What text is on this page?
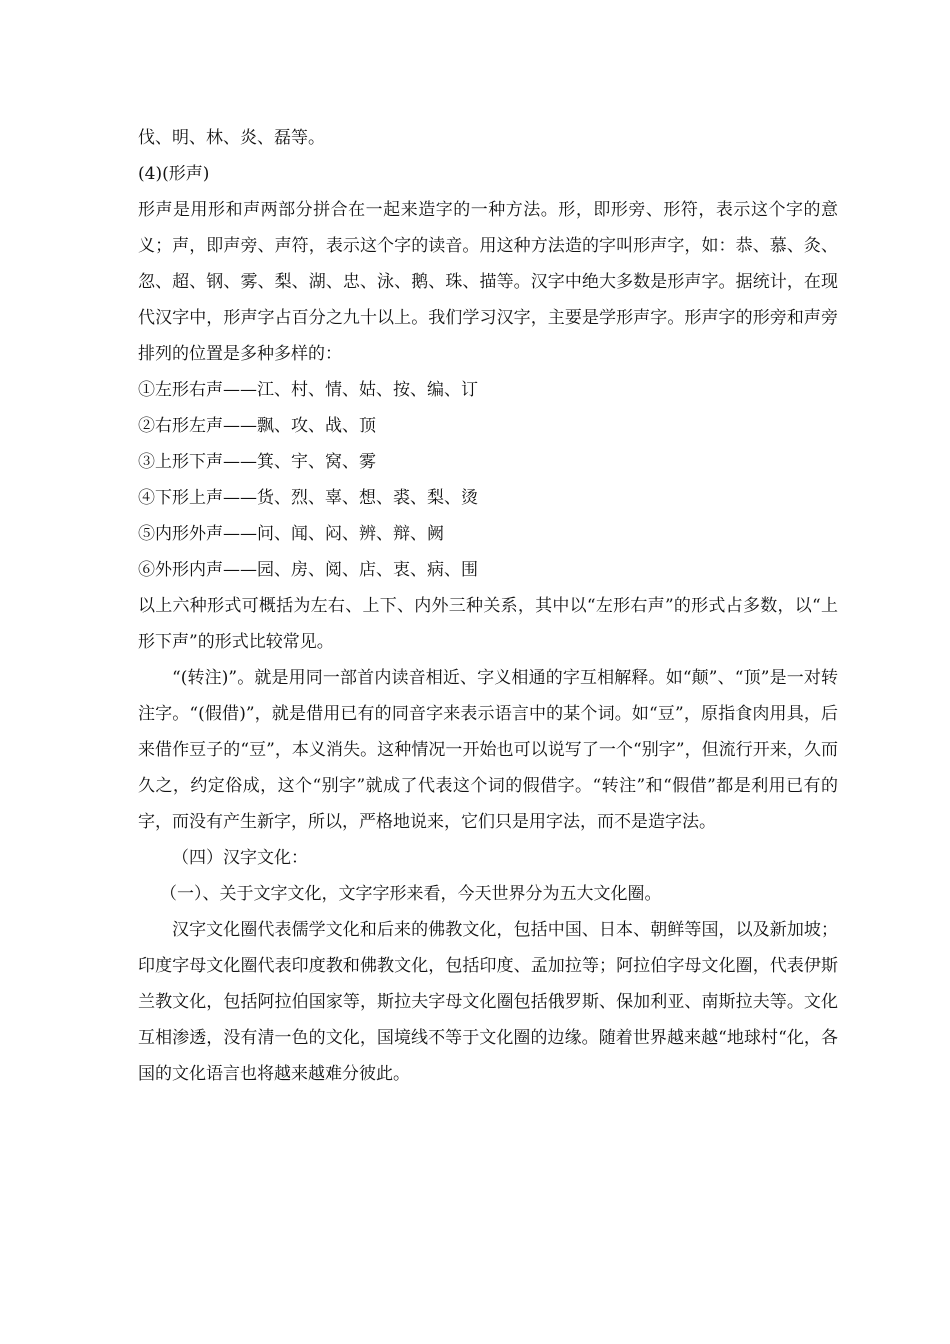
伐、明、林、炎、磊等。

(4)(形声)

形声是用形和声两部分拼合在一起来造字的一种方法。形，即形旁、形符，表示这个字的意义；声，即声旁、声符，表示这个字的读音。用这种方法造的字叫形声字，如：恭、慕、灸、忽、超、钢、雾、梨、湖、忠、泳、鹅、珠、描等。汉字中绝大多数是形声字。据统计，在现代汉字中，形声字占百分之九十以上。我们学习汉字，主要是学形声字。形声字的形旁和声旁排列的位置是多种多样的：

①左形右声——江、村、情、姑、按、编、订

②右形左声——飘、攻、战、顶

③上形下声——箕、宇、窝、雾

④下形上声——货、烈、辜、想、裘、梨、烫

⑤内形外声——问、闻、闷、辨、辩、阙

⑥外形内声——园、房、阅、店、衷、病、围

以上六种形式可概括为左右、上下、内外三种关系，其中以“左形右声”的形式占多数，以“上形下声”的形式比较常见。

“(转注)”。就是用同一部首内读音相近、字义相通的字互相解释。如“颠”、“顶”是一对转注字。“(假借)”，就是借用已有的同音字来表示语言中的某个词。如“豆”，原指食肉用具，后来借作豆子的“豆”，本义消失。这种情况一开始也可以说写了一个“别字”，但流行开来，久而久之，约定俗成，这个“别字”就成了代表这个词的假借字。“转注”和“假借”都是利用已有的字，而没有产生新字，所以，严格地说来，它们只是用字法，而不是造字法。

（四）汉字文化：

（一）、关于文字文化，文字字形来看，今天世界分为五大文化圈。

汉字文化圈代表儒学文化和后来的佛教文化，包括中国、日本、朝鲜等国，以及新加坡；印度字母文化圈代表印度教和佛教文化，包括印度、孟加拉等；阿拉伯字母文化圈，代表伊斯兰教文化，包括阿拉伯国家等，斯拉夫字母文化圈包括俄罗斯、保加利亚、南斯拉夫等。文化互相渗透，没有清一色的文化，国境线不等于文化圈的边缘。随着世界越来越“地球村“化，各国的文化语言也将越来越难分彼此。
